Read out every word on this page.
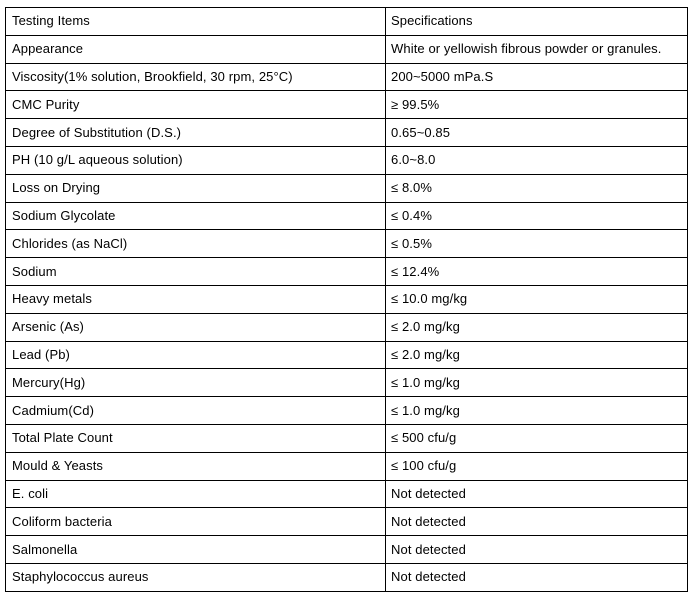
Testing Items	Specifications
Appearance	White or yellowish fibrous powder or granules.
Viscosity(1% solution, Brookfield, 30 rpm, 25°C)	200~5000 mPa.S
CMC Purity	≥ 99.5%
Degree of Substitution (D.S.)	0.65~0.85
PH (10 g/L aqueous solution)	6.0~8.0
Loss on Drying	≤ 8.0%
Sodium Glycolate	≤ 0.4%
Chlorides (as NaCl)	≤ 0.5%
Sodium	≤ 12.4%
Heavy metals	≤ 10.0 mg/kg
Arsenic (As)	≤ 2.0 mg/kg
Lead (Pb)	≤ 2.0 mg/kg
Mercury(Hg)	≤ 1.0 mg/kg
Cadmium(Cd)	≤ 1.0 mg/kg
Total Plate Count	≤ 500 cfu/g
Mould & Yeasts	≤ 100 cfu/g
E. coli	Not detected
Coliform bacteria	Not detected
Salmonella	Not detected
Staphylococcus aureus	Not detected
